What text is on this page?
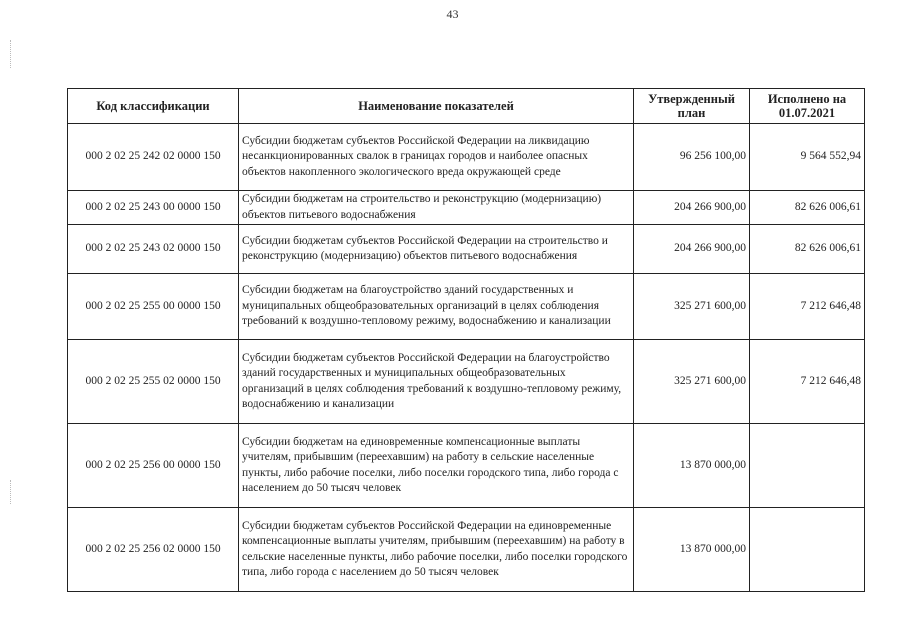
43
Код классификации	Наименование показателей	Утвержденный план	Исполнено на 01.07.2021
000 2 02 25 242 02 0000 150	Субсидии бюджетам субъектов Российской Федерации на ликвидацию несанкционированных свалок в границах городов и наиболее опасных объектов накопленного экологического вреда окружающей среде	96 256 100,00	9 564 552,94
000 2 02 25 243 00 0000 150	Субсидии бюджетам на строительство и реконструкцию (модернизацию) объектов питьевого водоснабжения	204 266 900,00	82 626 006,61
000 2 02 25 243 02 0000 150	Субсидии бюджетам субъектов Российской Федерации на строительство и реконструкцию (модернизацию) объектов питьевого водоснабжения	204 266 900,00	82 626 006,61
000 2 02 25 255 00 0000 150	Субсидии бюджетам на благоустройство зданий государственных и муниципальных общеобразовательных организаций в целях соблюдения требований к воздушно-тепловому режиму, водоснабжению и канализации	325 271 600,00	7 212 646,48
000 2 02 25 255 02 0000 150	Субсидии бюджетам субъектов Российской Федерации на благоустройство зданий государственных и муниципальных общеобразовательных организаций в целях соблюдения требований к воздушно-тепловому режиму, водоснабжению и канализации	325 271 600,00	7 212 646,48
000 2 02 25 256 00 0000 150	Субсидии бюджетам на единовременные компенсационные выплаты учителям, прибывшим (переехавшим) на работу в сельские населенные пункты, либо рабочие поселки, либо поселки городского типа, либо города с населением до 50 тысяч человек	13 870 000,00	
000 2 02 25 256 02 0000 150	Субсидии бюджетам субъектов Российской Федерации на единовременные компенсационные выплаты учителям, прибывшим (переехавшим) на работу в сельские населенные пункты, либо рабочие поселки, либо поселки городского типа, либо города с населением до 50 тысяч человек	13 870 000,00	
